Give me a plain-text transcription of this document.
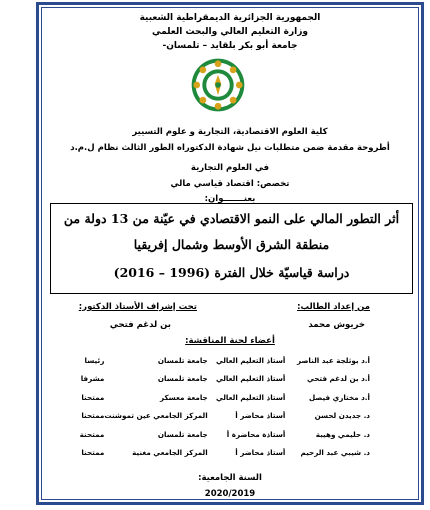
الجمهورية الجزائرية الديمقراطية الشعبية
وزارة التعليم العالي والبحث العلمي
جامعة أبو بكر بلقايد – تلمسان-
كلية العلوم الاقتصادية، التجارية و علوم التسيير
أطروحة مقدمة ضمن متطلبات نيل شهادة الدكتوراه الطور الثالث نظام ل.م.د
في العلوم التجارية
تخصص: اقتصاد قياسي مالي
بعنـــــــوان:
أثر التطور المالي على النمو الاقتصادي في عيّنة من 13 دولة من
منطقة الشرق الأوسط وشمال إفريقيا
دراسة قياسيّة خلال الفترة (1996 – 2016)
من إعداد الطالب:
خريوش محمد
تحت إشراف الأستاذ الدكتور:
بن لدغم فتحي
أعضاء لجنة المناقشة:
أ.د بوثلجة عبد الناصر	أستاذ التعليم العالي	جامعة تلمسان	رئيسا
أ.د بن لدغم فتحي	أستاذ التعليم العالي	جامعة تلمسان	مشرفا
أ.د مختاري فيصل	أستاذ التعليم العالي	جامعة معسكر	ممتحنا
د. جديدن لحسن	أستاذ محاضر أ	المركز الجامعي عين تموشنت	ممتحنا
د. حليمي وهيبة	أستاذة محاضرة أ	جامعة تلمسان	ممتحنة
د. شيبي عبد الرحيم	أستاذ محاضر أ	المركز الجامعي مغنية	ممتحنا
السنة الجامعية:
2020/2019
